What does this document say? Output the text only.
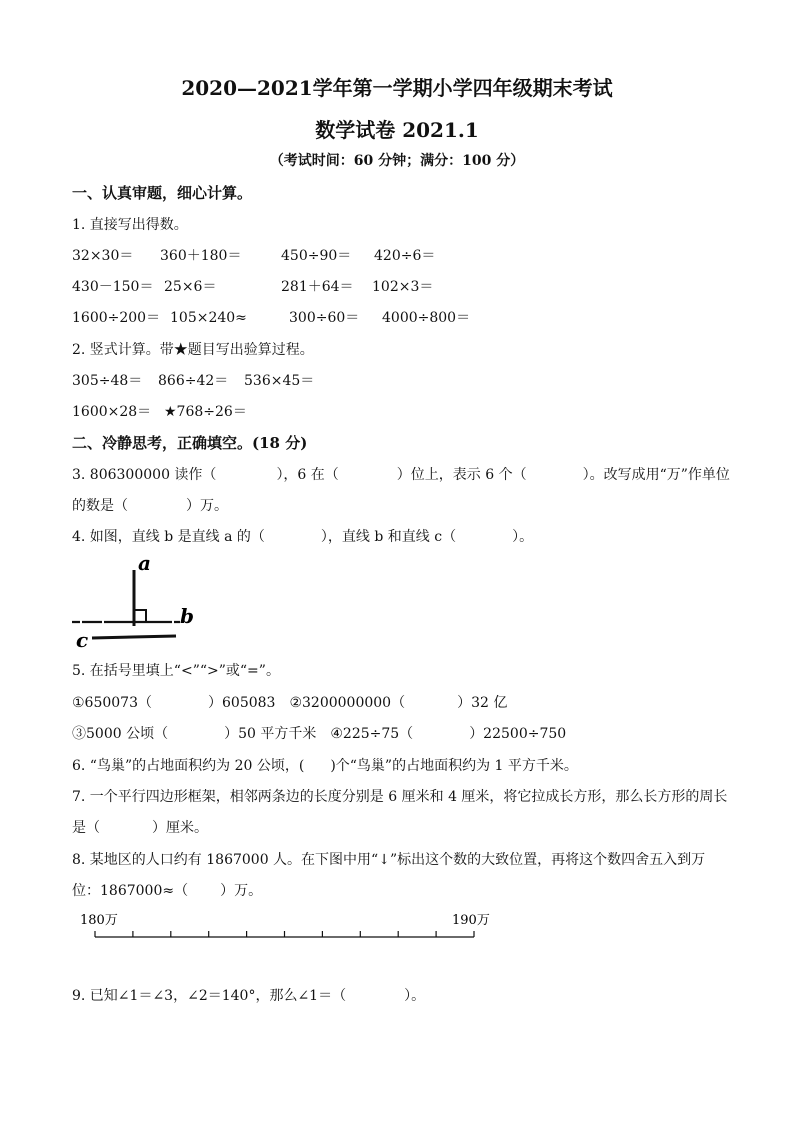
2020—2021学年第一学期小学四年级期末考试
数学试卷 2021.1
（考试时间：60 分钟；满分：100 分）
一、认真审题，细心计算。
1. 直接写出得数。
32×30＝ 360＋180＝	450÷90＝ 420÷6＝
430－150＝ 25×6＝	281＋64＝ 102×3＝
1600÷200＝ 105×240≈	300÷60＝ 4000÷800＝
2. 竖式计算。带★题目写出验算过程。
305÷48＝ 866÷42＝ 536×45＝
1600×28＝ ★768÷26＝
二、冷静思考，正确填空。(18 分)
3. 806300000 读作（	），6 在（	）位上，表示 6 个（	）。改写成用“万”作单位
的数是（	）万。
4. 如图，直线 b 是直线 a 的（	），直线 b 和直线 c（	）。
a
b
c
5. 在括号里填上“<”“>”或“=”。
①650073（	）605083 ②3200000000（	）32 亿
③5000 公顷（	）50 平方千米 ④225÷75（	）22500÷750
6. “鸟巢”的占地面积约为 20 公顷，( )个“鸟巢”的占地面积约为 1 平方千米。
7. 一个平行四边形框架，相邻两条边的长度分别是 6 厘米和 4 厘米，将它拉成长方形，那么长方形的周长
是（	）厘米。
8. 某地区的人口约有 1867000 人。在下图中用“↓”标出这个数的大致位置，再将这个数四舍五入到万
位：1867000≈（ ）万。
180万	190万
9. 已知∠1＝∠3，∠2＝140°，那么∠1＝（	）。
